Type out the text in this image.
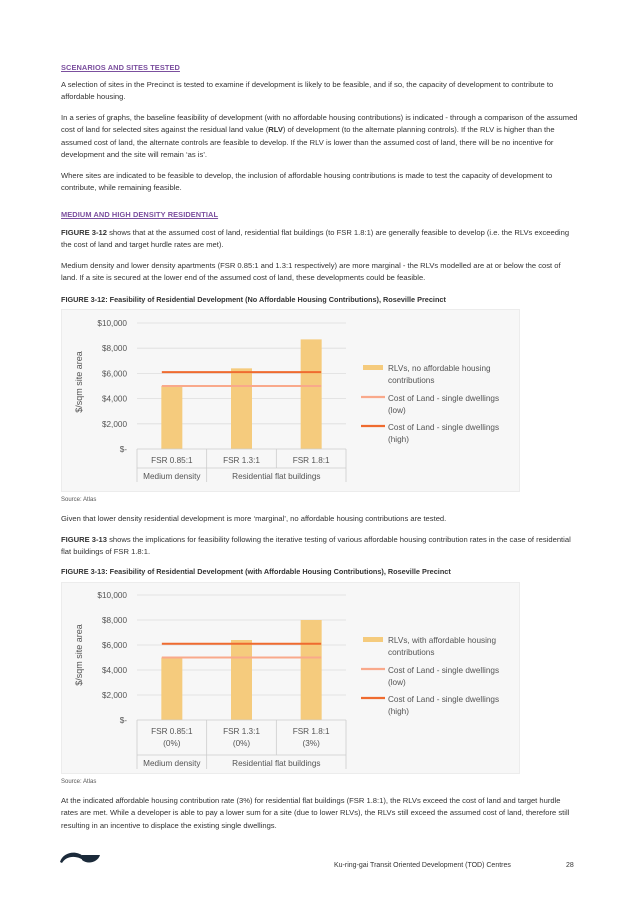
SCENARIOS AND SITES TESTED
A selection of sites in the Precinct is tested to examine if development is likely to be feasible, and if so, the capacity of development to contribute to affordable housing.
In a series of graphs, the baseline feasibility of development (with no affordable housing contributions) is indicated - through a comparison of the assumed cost of land for selected sites against the residual land value (RLV) of development (to the alternate planning controls). If the RLV is higher than the assumed cost of land, the alternate controls are feasible to develop. If the RLV is lower than the assumed cost of land, there will be no incentive for development and the site will remain ‘as is’.
Where sites are indicated to be feasible to develop, the inclusion of affordable housing contributions is made to test the capacity of development to contribute, while remaining feasible.
MEDIUM AND HIGH DENSITY RESIDENTIAL
FIGURE 3-12 shows that at the assumed cost of land, residential flat buildings (to FSR 1.8:1) are generally feasible to develop (i.e. the RLVs exceeding the cost of land and target hurdle rates are met).
Medium density and lower density apartments (FSR 0.85:1 and 1.3:1 respectively) are more marginal - the RLVs modelled are at or below the cost of land. If a site is secured at the lower end of the assumed cost of land, these developments could be feasible.
FIGURE 3-12: Feasibility of Residential Development (No Affordable Housing Contributions), Roseville Precinct
$-
$2,000
$4,000
$6,000
$8,000
$10,000
$/sqm site area
FSR 0.85:1	FSR 1.3:1	FSR 1.8:1
Medium density	Residential flat buildings
RLVs, no affordable housing
contributions
Cost of Land - single dwellings
(low)
Cost of Land - single dwellings
(high)
Source: Atlas
Given that lower density residential development is more ‘marginal’, no affordable housing contributions are tested.
FIGURE 3-13 shows the implications for feasibility following the iterative testing of various affordable housing contribution rates in the case of residential flat buildings of FSR 1.8:1.
FIGURE 3-13: Feasibility of Residential Development (with Affordable Housing Contributions), Roseville Precinct
$-
$2,000
$4,000
$6,000
$8,000
$10,000
$/sqm site area
FSR 0.85:1
(0%)
FSR 1.3:1
(0%)
FSR 1.8:1
(3%)
Medium density	Residential flat buildings
RLVs, with affordable housing
contributions
Cost of Land - single dwellings
(low)
Cost of Land - single dwellings
(high)
Source: Atlas
At the indicated affordable housing contribution rate (3%) for residential flat buildings (FSR 1.8:1), the RLVs exceed the cost of land and target hurdle rates are met. While a developer is able to pay a lower sum for a site (due to lower RLVs), the RLVs still exceed the assumed cost of land, therefore still resulting in an incentive to displace the existing single dwellings.
Ku-ring-gai Transit Oriented Development (TOD) Centres	28
